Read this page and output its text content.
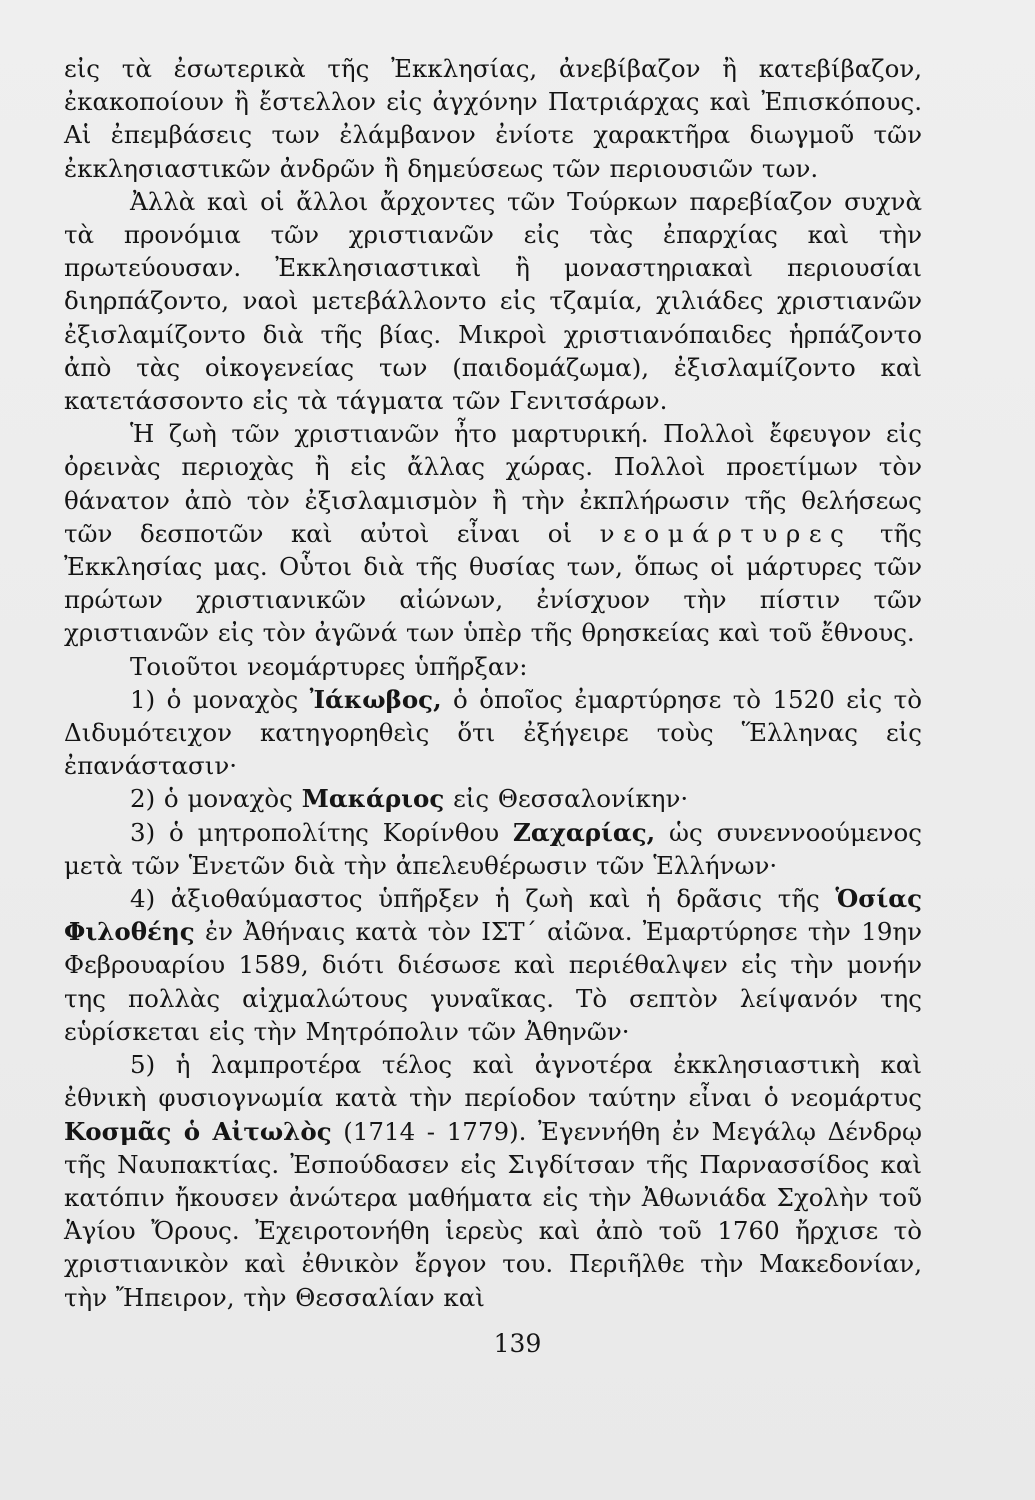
εἰς τὰ ἐσωτερικὰ τῆς Ἐκκλησίας, ἀνεβίβαζον ἢ κατεβίβαζον, ἐκακοποίουν ἢ ἔστελλον εἰς ἀγχόνην Πατριάρχας καὶ Ἐπισκόπους. Αἱ ἐπεμβάσεις των ἐλάμβανον ἐνίοτε χαρακτῆρα διωγμοῦ τῶν ἐκκλησιαστικῶν ἀνδρῶν ἢ δημεύσεως τῶν περιουσιῶν των.

Ἀλλὰ καὶ οἱ ἄλλοι ἄρχοντες τῶν Τούρκων παρεβίαζον συχνὰ τὰ προνόμια τῶν χριστιανῶν εἰς τὰς ἐπαρχίας καὶ τὴν πρωτεύουσαν. Ἐκκλησιαστικαὶ ἢ μοναστηριακαὶ περιουσίαι διηρπάζοντο, ναοὶ μετεβάλλοντο εἰς τζαμία, χιλιάδες χριστιανῶν ἐξισλαμίζοντο διὰ τῆς βίας. Μικροὶ χριστιανόπαιδες ἡρπάζοντο ἀπὸ τὰς οἰκογενείας των (παιδομάζωμα), ἐξισλαμίζοντο καὶ κατετάσσοντο εἰς τὰ τάγματα τῶν Γενιτσάρων.

Ἡ ζωὴ τῶν χριστιανῶν ἦτο μαρτυρική. Πολλοὶ ἔφευγον εἰς ὀρεινὰς περιοχὰς ἢ εἰς ἄλλας χώρας. Πολλοὶ προετίμων τὸν θάνατον ἀπὸ τὸν ἐξισλαμισμὸν ἢ τὴν ἐκπλήρωσιν τῆς θελήσεως τῶν δεσποτῶν καὶ αὐτοὶ εἶναι οἱ νεομάρτυρες τῆς Ἐκκλησίας μας. Οὗτοι διὰ τῆς θυσίας των, ὅπως οἱ μάρτυρες τῶν πρώτων χριστιανικῶν αἰώνων, ἐνίσχυον τὴν πίστιν τῶν χριστιανῶν εἰς τὸν ἀγῶνά των ὑπὲρ τῆς θρησκείας καὶ τοῦ ἔθνους.

Τοιοῦτοι νεομάρτυρες ὑπῆρξαν:

1) ὁ μοναχὸς Ἰάκωβος, ὁ ὁποῖος ἐμαρτύρησε τὸ 1520 εἰς τὸ Διδυμότειχον κατηγορηθεὶς ὅτι ἐξήγειρε τοὺς Ἕλληνας εἰς ἐπανάστασιν·

2) ὁ μοναχὸς Μακάριος εἰς Θεσσαλονίκην·

3) ὁ μητροπολίτης Κορίνθου Ζαχαρίας, ὡς συνεννοούμενος μετὰ τῶν Ἑνετῶν διὰ τὴν ἀπελευθέρωσιν τῶν Ἑλλήνων·

4) ἀξιοθαύμαστος ὑπῆρξεν ἡ ζωὴ καὶ ἡ δρᾶσις τῆς Ὁσίας Φιλοθέης ἐν Ἀθήναις κατὰ τὸν ΙΣΤ΄ αἰῶνα. Ἐμαρτύρησε τὴν 19ην Φεβρουαρίου 1589, διότι διέσωσε καὶ περιέθαλψεν εἰς τὴν μονήν της πολλὰς αἰχμαλώτους γυναῖκας. Τὸ σεπτὸν λείψανόν της εὑρίσκεται εἰς τὴν Μητρόπολιν τῶν Ἀθηνῶν·

5) ἡ λαμπροτέρα τέλος καὶ ἀγνοτέρα ἐκκλησιαστικὴ καὶ ἐθνικὴ φυσιογνωμία κατὰ τὴν περίοδον ταύτην εἶναι ὁ νεομάρτυς Κοσμᾶς ὁ Αἰτωλὸς (1714 - 1779). Ἐγεννήθη ἐν Μεγάλῳ Δένδρῳ τῆς Ναυπακτίας. Ἐσπούδασεν εἰς Σιγδίτσαν τῆς Παρνασσίδος καὶ κατόπιν ἤκουσεν ἀνώτερα μαθήματα εἰς τὴν Ἀθωνιάδα Σχολὴν τοῦ Ἁγίου Ὄρους. Ἐχειροτονήθη ἱερεὺς καὶ ἀπὸ τοῦ 1760 ἤρχισε τὸ χριστιανικὸν καὶ ἐθνικὸν ἔργον του. Περιῆλθε τὴν Μακεδονίαν, τὴν Ἤπειρον, τὴν Θεσσαλίαν καὶ

139
